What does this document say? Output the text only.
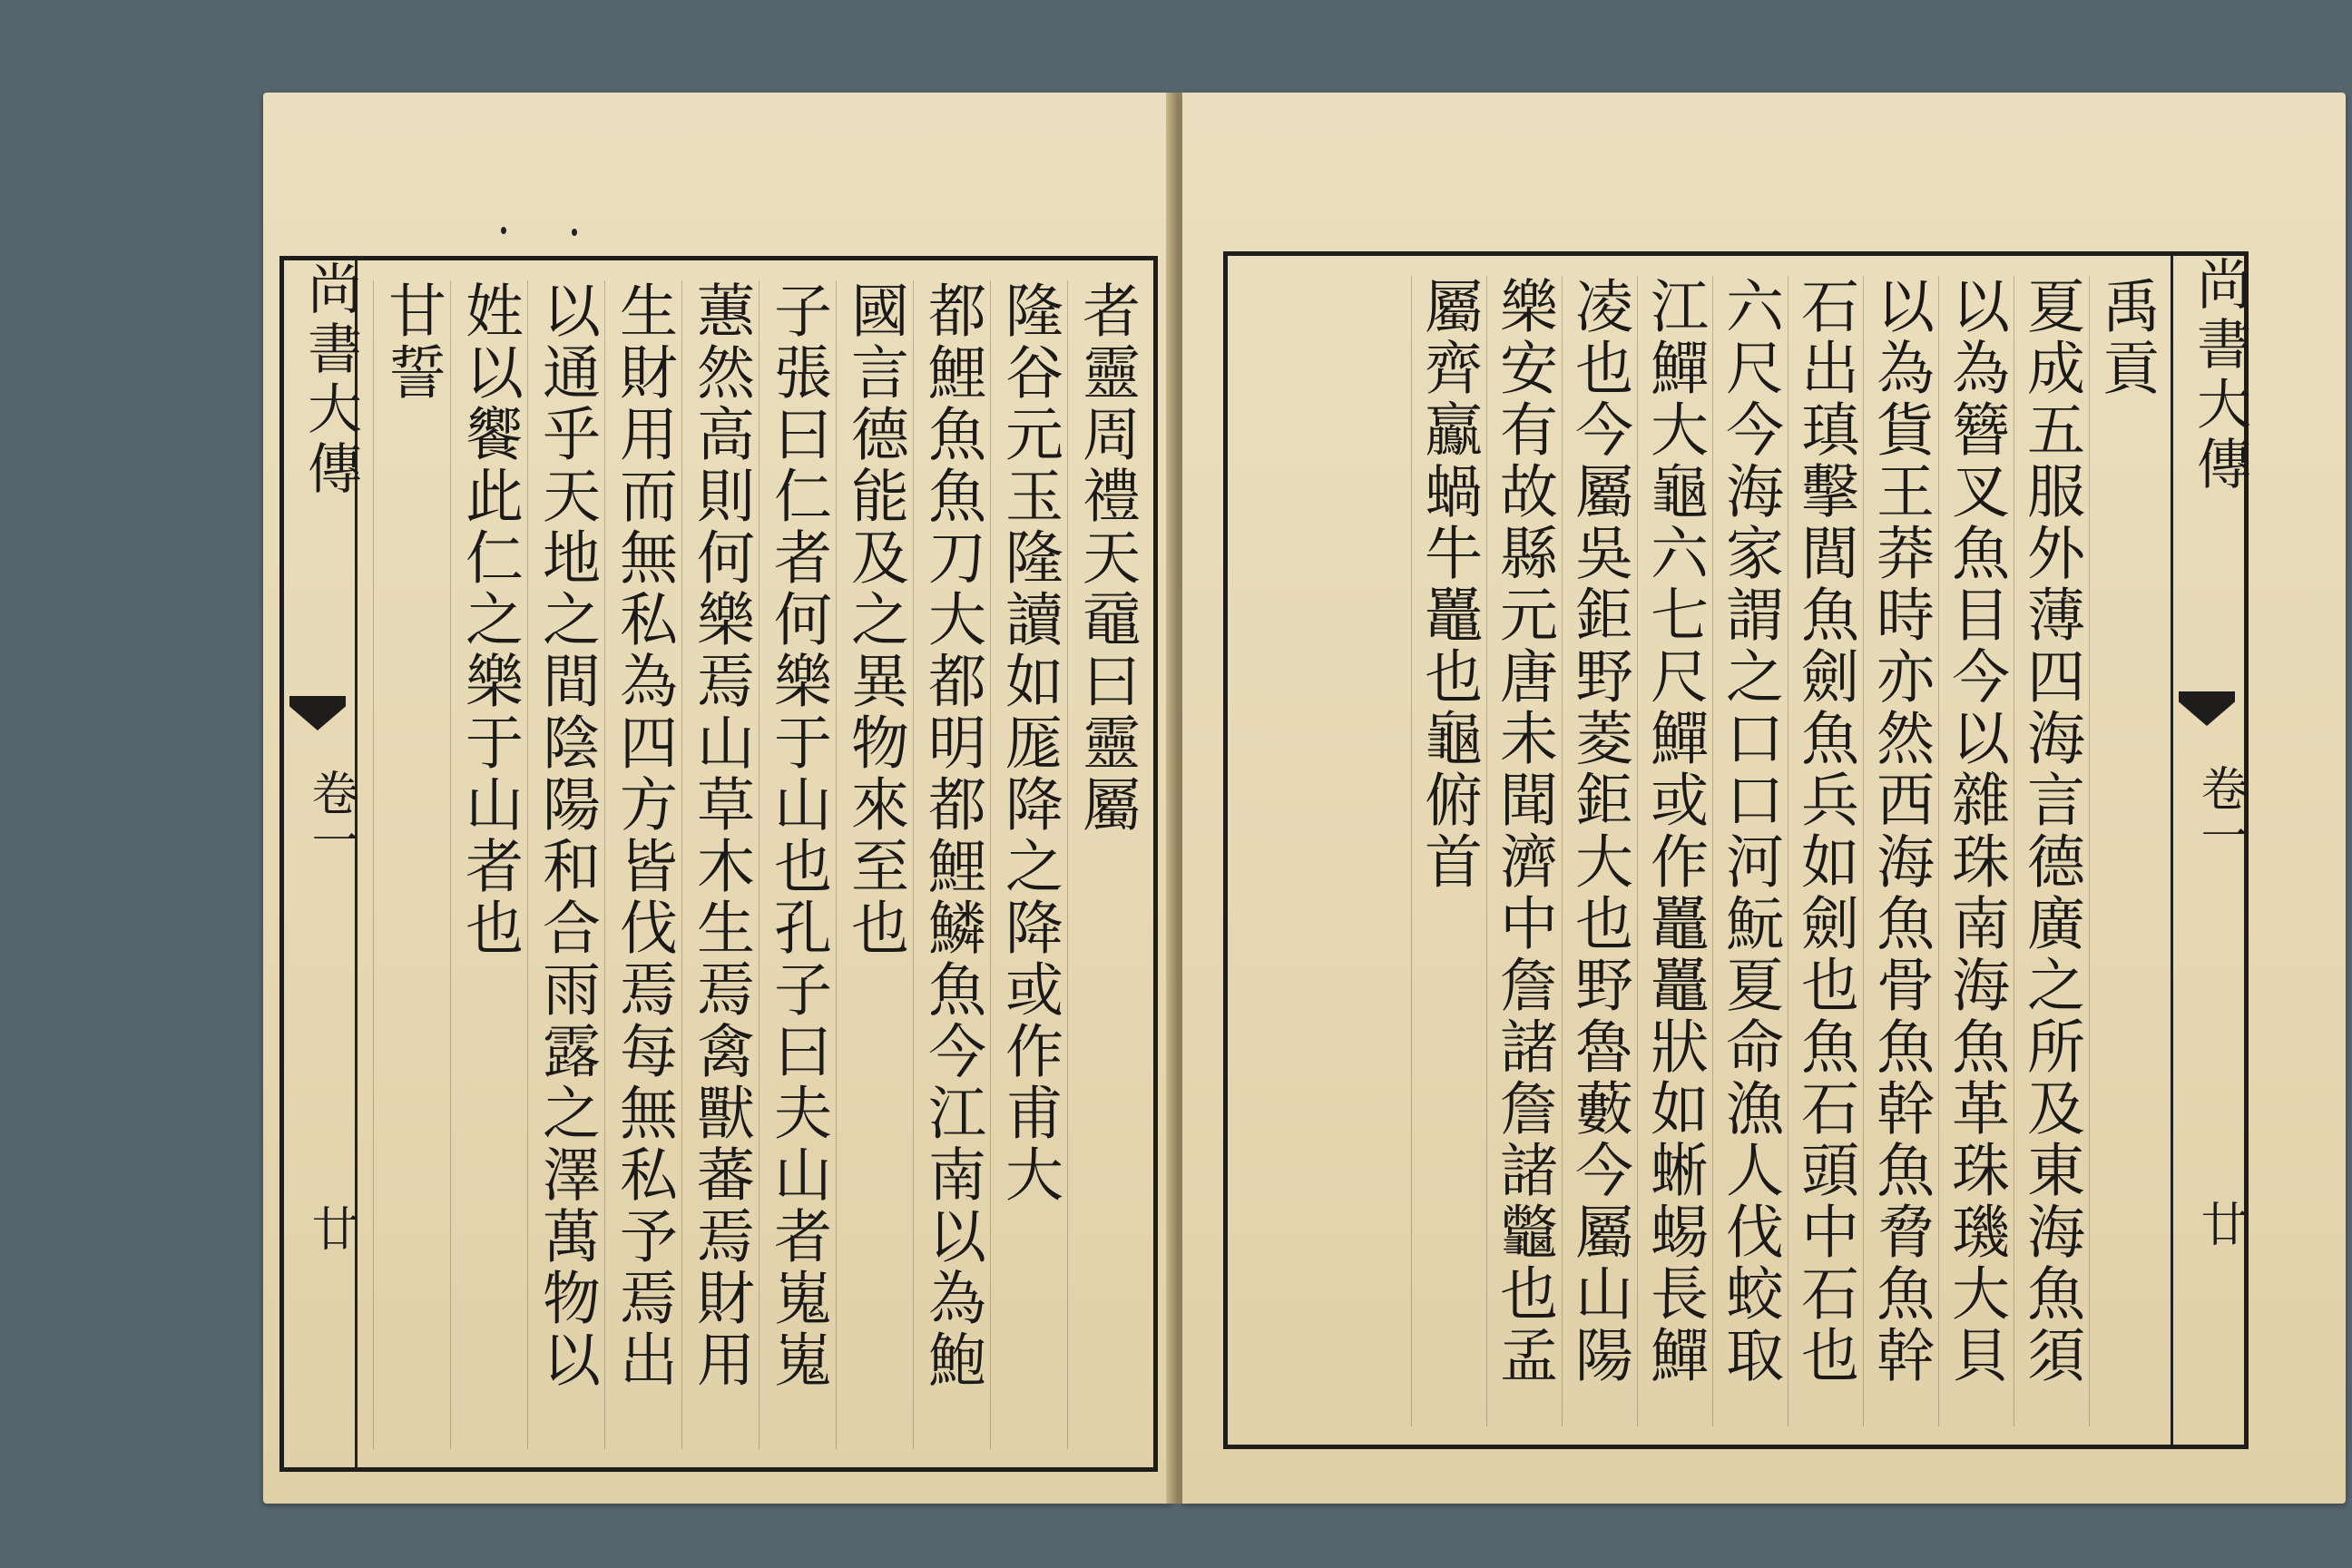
尚書大傳
卷一
廿
者靈周禮天黿曰靈屬
隆谷元玉隆讀如厖降之降或作甫大
都鯉魚魚刀大都明都鯉鱗魚今江南以為鮑
國言德能及之異物來至也
子張曰仁者何樂于山也孔子曰夫山者嵬嵬
蕙然高則何樂焉山草木生焉禽獸蕃焉財用
生財用而無私為四方皆伐焉每無私予焉出
以通乎天地之間陰陽和合雨露之澤萬物以
姓以饗此仁之樂于山者也
甘誓	尚書大傳
卷一
廿
禹貢
夏成五服外薄四海言德廣之所及東海魚須
以為簪叉魚目今以雜珠南海魚革珠璣大貝
以為貨王莽時亦然西海魚骨魚幹魚脅魚幹
石出瑱擊閭魚劍魚兵如劍也魚石頭中石也
六尺今海家謂之口口河魭夏命漁人伐蛟取
江鱓大龜六七尺鱓或作鼉鼉狀如蜥蜴長鱓
凌也今屬吳鉅野菱鉅大也野魯藪今屬山陽
樂安有故縣元唐未聞濟中詹諸詹諸龞也孟
屬齊鸁蝸牛鼉也龜俯首
